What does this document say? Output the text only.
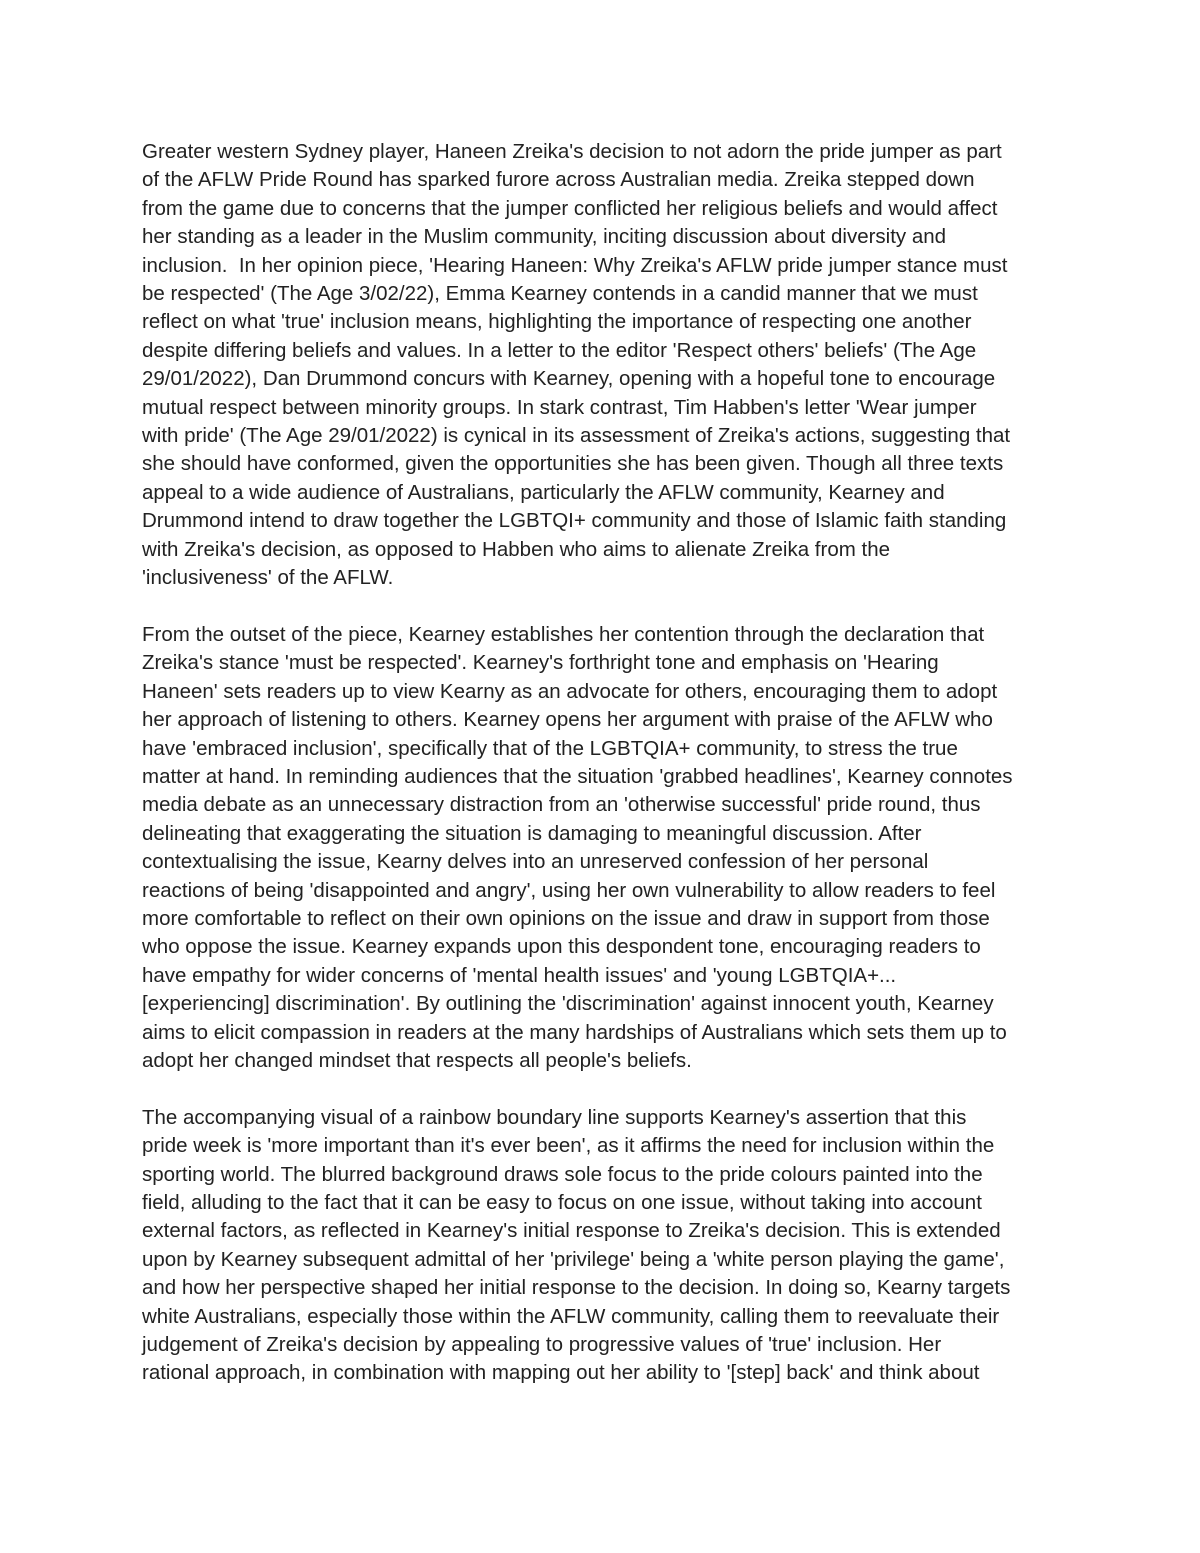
Greater western Sydney player, Haneen Zreika's decision to not adorn the pride jumper as part
of the AFLW Pride Round has sparked furore across Australian media. Zreika stepped down
from the game due to concerns that the jumper conflicted her religious beliefs and would affect
her standing as a leader in the Muslim community, inciting discussion about diversity and
inclusion.  In her opinion piece, 'Hearing Haneen: Why Zreika's AFLW pride jumper stance must
be respected' (The Age 3/02/22), Emma Kearney contends in a candid manner that we must
reflect on what 'true' inclusion means, highlighting the importance of respecting one another
despite differing beliefs and values. In a letter to the editor 'Respect others' beliefs' (The Age
29/01/2022), Dan Drummond concurs with Kearney, opening with a hopeful tone to encourage
mutual respect between minority groups. In stark contrast, Tim Habben's letter 'Wear jumper
with pride' (The Age 29/01/2022) is cynical in its assessment of Zreika's actions, suggesting that
she should have conformed, given the opportunities she has been given. Though all three texts
appeal to a wide audience of Australians, particularly the AFLW community, Kearney and
Drummond intend to draw together the LGBTQI+ community and those of Islamic faith standing
with Zreika's decision, as opposed to Habben who aims to alienate Zreika from the
'inclusiveness' of the AFLW.
From the outset of the piece, Kearney establishes her contention through the declaration that
Zreika's stance 'must be respected'. Kearney's forthright tone and emphasis on 'Hearing
Haneen' sets readers up to view Kearny as an advocate for others, encouraging them to adopt
her approach of listening to others. Kearney opens her argument with praise of the AFLW who
have 'embraced inclusion', specifically that of the LGBTQIA+ community, to stress the true
matter at hand. In reminding audiences that the situation 'grabbed headlines', Kearney connotes
media debate as an unnecessary distraction from an 'otherwise successful' pride round, thus
delineating that exaggerating the situation is damaging to meaningful discussion. After
contextualising the issue, Kearny delves into an unreserved confession of her personal
reactions of being 'disappointed and angry', using her own vulnerability to allow readers to feel
more comfortable to reflect on their own opinions on the issue and draw in support from those
who oppose the issue. Kearney expands upon this despondent tone, encouraging readers to
have empathy for wider concerns of 'mental health issues' and 'young LGBTQIA+...
[experiencing] discrimination'. By outlining the 'discrimination' against innocent youth, Kearney
aims to elicit compassion in readers at the many hardships of Australians which sets them up to
adopt her changed mindset that respects all people's beliefs.
The accompanying visual of a rainbow boundary line supports Kearney's assertion that this
pride week is 'more important than it's ever been', as it affirms the need for inclusion within the
sporting world. The blurred background draws sole focus to the pride colours painted into the
field, alluding to the fact that it can be easy to focus on one issue, without taking into account
external factors, as reflected in Kearney's initial response to Zreika's decision. This is extended
upon by Kearney subsequent admittal of her 'privilege' being a 'white person playing the game',
and how her perspective shaped her initial response to the decision. In doing so, Kearny targets
white Australians, especially those within the AFLW community, calling them to reevaluate their
judgement of Zreika's decision by appealing to progressive values of 'true' inclusion. Her
rational approach, in combination with mapping out her ability to '[step] back' and think about
